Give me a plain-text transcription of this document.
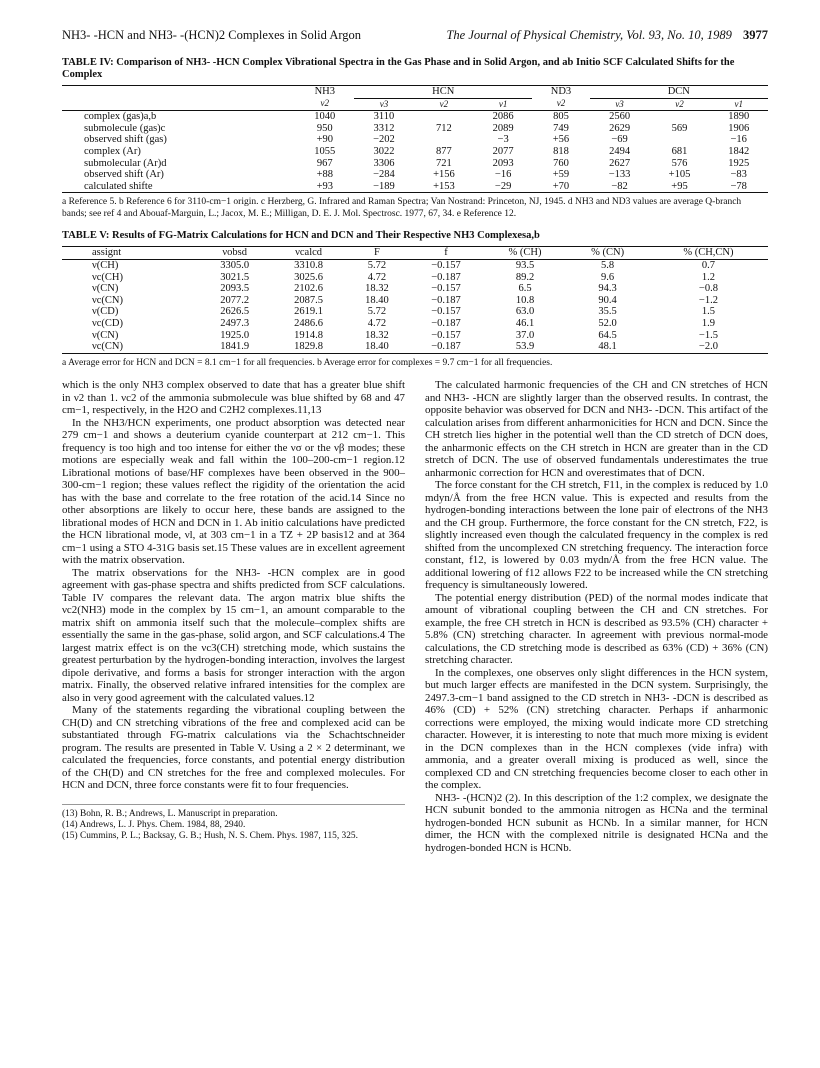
NH3- -HCN and NH3- -(HCN)2 Complexes in Solid Argon	The Journal of Physical Chemistry, Vol. 93, No. 10, 1989 3977
TABLE IV: Comparison of NH3- -HCN Complex Vibrational Spectra in the Gas Phase and in Solid Argon, and ab Initio SCF Calculated Shifts for the Complex
	NH3	HCN			ND3	DCN		
	ν2	ν3	ν2	ν1	ν2	ν3	ν2	ν1
complex (gas)a,b	1040	3110		2086	805	2560		1890
submolecule (gas)c	950	3312	712	2089	749	2629	569	1906
observed shift (gas)	+90	−202		−3	+56	−69		−16
complex (Ar)	1055	3022	877	2077	818	2494	681	1842
submolecular (Ar)d	967	3306	721	2093	760	2627	576	1925
observed shift (Ar)	+88	−284	+156	−16	+59	−133	+105	−83
calculated shifte	+93	−189	+153	−29	+70	−82	+95	−78
a Reference 5. b Reference 6 for 3110-cm−1 origin. c Herzberg, G. Infrared and Raman Spectra; Van Nostrand: Princeton, NJ, 1945. d NH3 and ND3 values are average Q-branch bands; see ref 4 and Abouaf-Marguin, L.; Jacox, M. E.; Milligan, D. E. J. Mol. Spectrosc. 1977, 67, 34. e Reference 12.
TABLE V: Results of FG-Matrix Calculations for HCN and DCN and Their Respective NH3 Complexesa,b
assignt	νobsd	νcalcd	F	f	% (CH)	% (CN)	% (CH,CN)
ν(CH)	3305.0	3310.8	5.72	−0.157	93.5	5.8	0.7
νc(CH)	3021.5	3025.6	4.72	−0.187	89.2	9.6	1.2
ν(CN)	2093.5	2102.6	18.32	−0.157	6.5	94.3	−0.8
νc(CN)	2077.2	2087.5	18.40	−0.187	10.8	90.4	−1.2
ν(CD)	2626.5	2619.1	5.72	−0.157	63.0	35.5	1.5
νc(CD)	2497.3	2486.6	4.72	−0.187	46.1	52.0	1.9
ν(CN)	1925.0	1914.8	18.32	−0.157	37.0	64.5	−1.5
νc(CN)	1841.9	1829.8	18.40	−0.187	53.9	48.1	−2.0
a Average error for HCN and DCN = 8.1 cm−1 for all frequencies. b Average error for complexes = 9.7 cm−1 for all frequencies.

which is the only NH3 complex observed to date that has a greater blue shift in ν2 than 1. νc2 of the ammonia submolecule was blue shifted by 68 and 47 cm−1, respectively, in the H2O and C2H2 complexes.11,13

In the NH3/HCN experiments, one product absorption was detected near 279 cm−1 and shows a deuterium cyanide counterpart at 212 cm−1. This frequency is too high and too intense for either the νσ or the νβ modes; these motions are especially weak and fall within the 100–200-cm−1 region.12 Librational motions of base/HF complexes have been observed in the 900–300-cm−1 region; these values reflect the rigidity of the orientation the acid has with the base and correlate to the free rotation of the acid.14 Since no other absorptions are likely to occur here, these bands are assigned to the librational modes of HCN and DCN in 1. Ab initio calculations have predicted the HCN librational mode, νl, at 303 cm−1 in a TZ + 2P basis12 and at 364 cm−1 using a STO 4-31G basis set.15 These values are in excellent agreement with the matrix observation.

The matrix observations for the NH3- -HCN complex are in good agreement with gas-phase spectra and shifts predicted from SCF calculations. Table IV compares the relevant data. The argon matrix blue shifts the νc2(NH3) mode in the complex by 15 cm−1, an amount comparable to the matrix shift on ammonia itself such that the molecule–complex shifts are essentially the same in the gas-phase, solid argon, and SCF calculations.4 The largest matrix effect is on the νc3(CH) stretching mode, which sustains the greatest perturbation by the hydrogen-bonding interaction, involves the largest dipole derivative, and forms a basis for stronger interaction with the argon matrix. Finally, the observed relative infrared intensities for the complex are also in very good agreement with the calculated values.12

Many of the statements regarding the vibrational coupling between the CH(D) and CN stretching vibrations of the free and complexed acid can be substantiated through FG-matrix calculations via the Schachtschneider program. The results are presented in Table V. Using a 2 × 2 determinant, we calculated the frequencies, force constants, and potential energy distribution of the CH(D) and CN stretches for the free and complexed molecules. For HCN and DCN, three force constants were fit to four frequencies.

(13) Bohn, R. B.; Andrews, L. Manuscript in preparation.
(14) Andrews, L. J. Phys. Chem. 1984, 88, 2940.
(15) Cummins, P. L.; Backsay, G. B.; Hush, N. S. Chem. Phys. 1987, 115, 325.

The calculated harmonic frequencies of the CH and CN stretches of HCN and NH3- -HCN are slightly larger than the observed results. In contrast, the opposite behavior was observed for DCN and NH3- -DCN. This artifact of the calculation arises from different anharmonicities for HCN and DCN. Since the CH stretch lies higher in the potential well than the CD stretch of DCN does, the anharmonic effects on the CH stretch in HCN are greater than in the CD stretch of DCN. The use of observed fundamentals underestimates the true anharmonic correction for HCN and overestimates that of DCN.

The force constant for the CH stretch, F11, in the complex is reduced by 1.0 mdyn/Å from the free HCN value. This is expected and results from the hydrogen-bonding interactions between the lone pair of electrons of the NH3 and the CH group. Furthermore, the force constant for the CN stretch, F22, is slightly increased even though the calculated frequency in the complex is red shifted from the uncomplexed CN stretching frequency. The interaction force constant, f12, is lowered by 0.03 mydn/Å from the free HCN value. The additional lowering of f12 allows F22 to be increased while the CN stretching frequency is simultaneously lowered.

The potential energy distribution (PED) of the normal modes indicate that amount of vibrational coupling between the CH and CN stretches. For example, the free CH stretch in HCN is described as 93.5% (CH) character + 5.8% (CN) stretching character. In agreement with previous normal-mode calculations, the CD stretching mode is described as 63% (CD) + 36% (CN) stretching character.

In the complexes, one observes only slight differences in the HCN system, but much larger effects are manifested in the DCN system. Surprisingly, the 2497.3-cm−1 band assigned to the CD stretch in NH3- -DCN is described as 46% (CD) + 52% (CN) stretching character. Perhaps if anharmonic corrections were employed, the mixing would indicate more CD stretching character. However, it is interesting to note that much more mixing is evident in the DCN complexes than in the HCN complexes (vide infra) with ammonia, and a greater overall mixing is produced as well, since the complexed CD and CN stretching frequencies become closer to each other in the complex.

NH3- -(HCN)2 (2). In this description of the 1:2 complex, we designate the HCN subunit bonded to the ammonia nitrogen as HCNa and the terminal hydrogen-bonded HCN subunit as HCNb. In a similar manner, for HCN dimer, the HCN with the complexed nitrile is designated HCNa and the hydrogen-bonded HCN is HCNb.
